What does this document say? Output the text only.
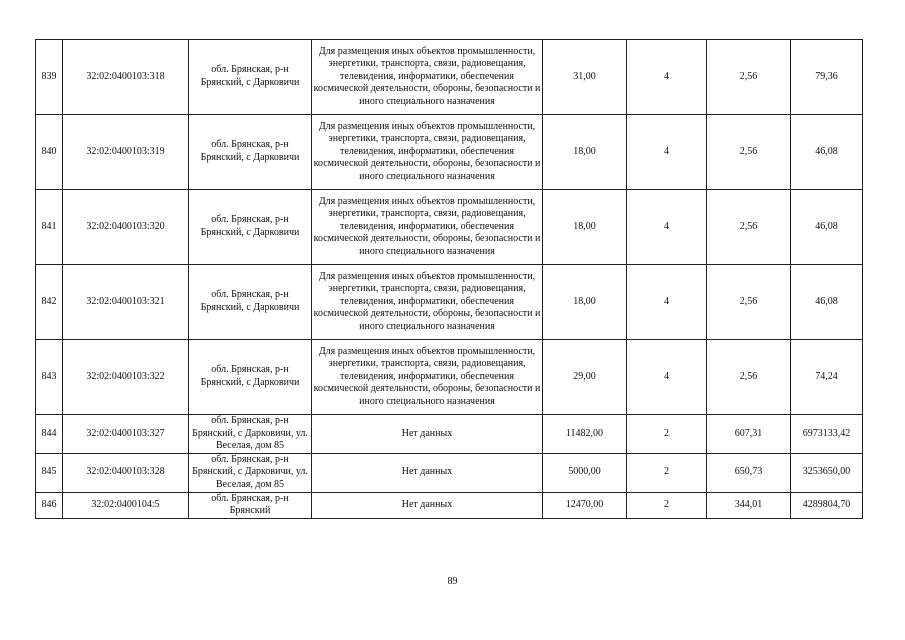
839	32:02:0400103:318	обл. Брянская, р-н Брянский, с Дарковичи	Для размещения иных объектов промышленности, энергетики, транспорта, связи, радиовещания, телевидения, информатики, обеспечения космической деятельности, обороны, безопасности и иного специального назначения	31,00	4	2,56	79,36
840	32:02:0400103:319	обл. Брянская, р-н Брянский, с Дарковичи	Для размещения иных объектов промышленности, энергетики, транспорта, связи, радиовещания, телевидения, информатики, обеспечения космической деятельности, обороны, безопасности и иного специального назначения	18,00	4	2,56	46,08
841	32:02:0400103:320	обл. Брянская, р-н Брянский, с Дарковичи	Для размещения иных объектов промышленности, энергетики, транспорта, связи, радиовещания, телевидения, информатики, обеспечения космической деятельности, обороны, безопасности и иного специального назначения	18,00	4	2,56	46,08
842	32:02:0400103:321	обл. Брянская, р-н Брянский, с Дарковичи	Для размещения иных объектов промышленности, энергетики, транспорта, связи, радиовещания, телевидения, информатики, обеспечения космической деятельности, обороны, безопасности и иного специального назначения	18,00	4	2,56	46,08
843	32:02:0400103:322	обл. Брянская, р-н Брянский, с Дарковичи	Для размещения иных объектов промышленности, энергетики, транспорта, связи, радиовещания, телевидения, информатики, обеспечения космической деятельности, обороны, безопасности и иного специального назначения	29,00	4	2,56	74,24
844	32:02:0400103:327	обл. Брянская, р-н Брянский, с Дарковичи, ул. Веселая, дом 85	Нет данных	11482,00	2	607,31	6973133,42
845	32:02:0400103:328	обл. Брянская, р-н Брянский, с Дарковичи, ул. Веселая, дом 85	Нет данных	5000,00	2	650,73	3253650,00
846	32:02:0400104:5	обл. Брянская, р-н Брянский	Нет данных	12470,00	2	344,01	4289804,70
89
